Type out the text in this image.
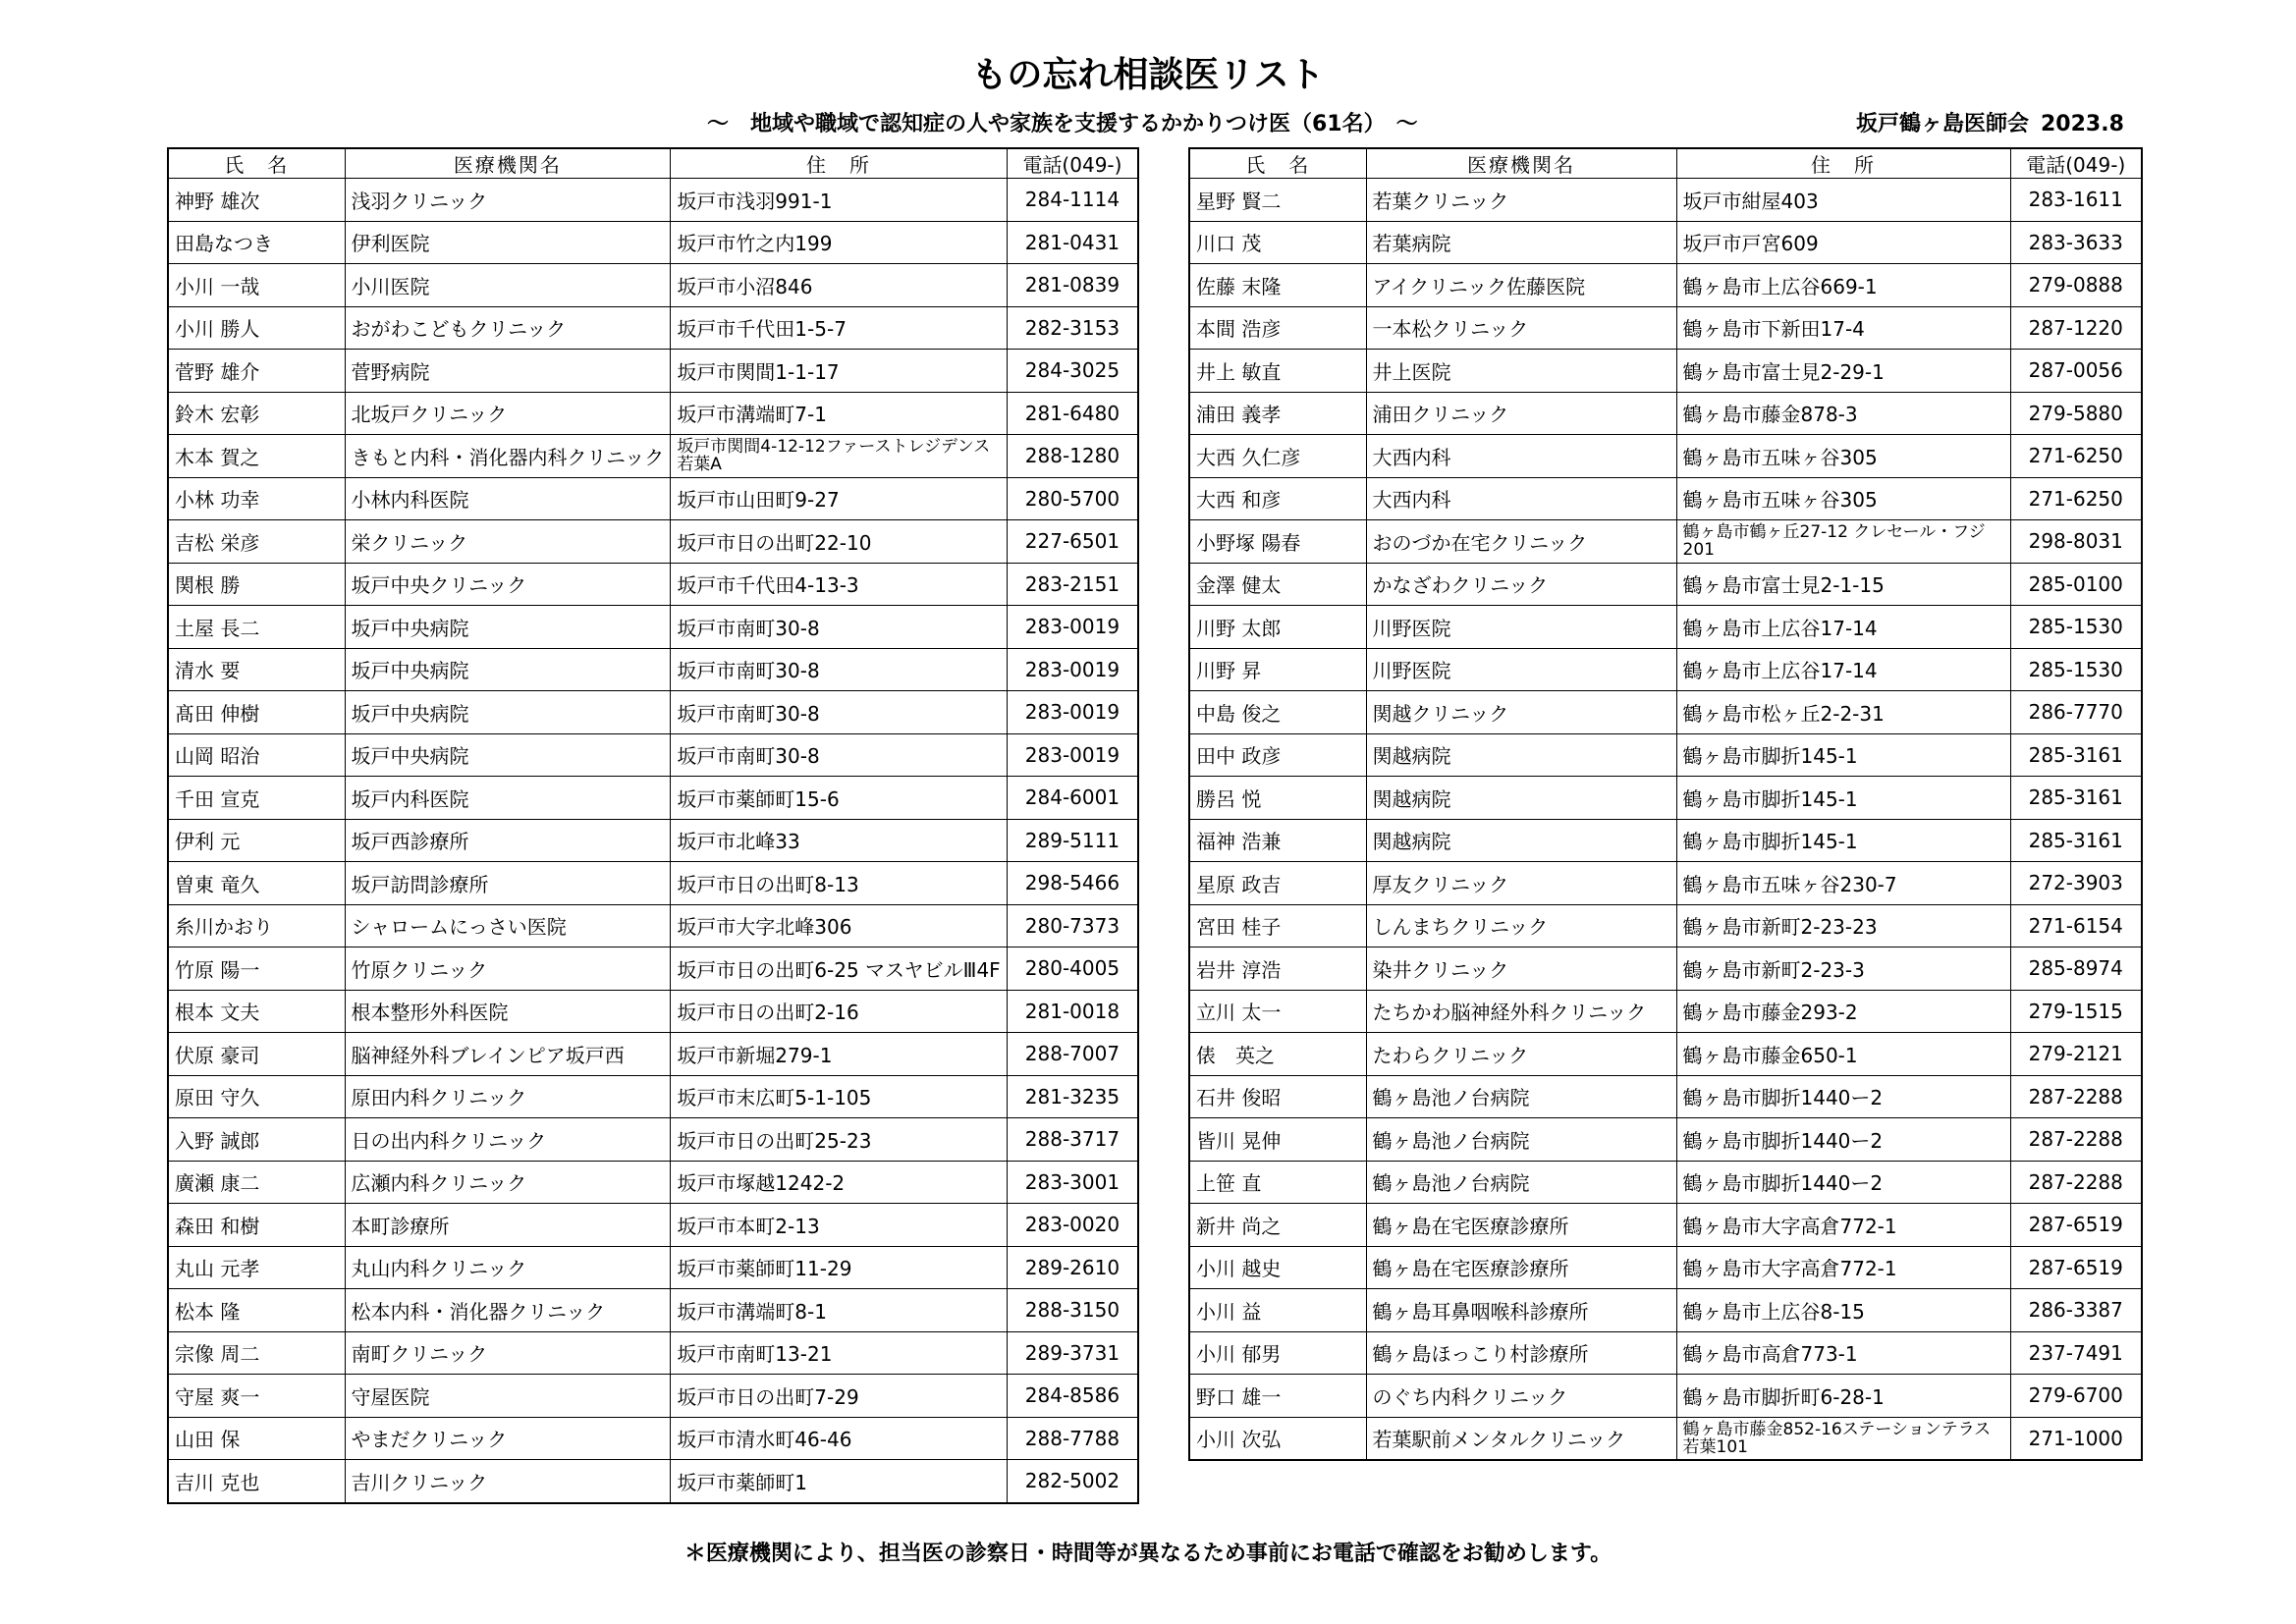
もの忘れ相談医リスト
～　地域や職域で認知症の人や家族を支援するかかりつけ医（61名）　～	坂戸鶴ヶ島医師会 2023.8
氏　名	医療機関名	住　所	電話(049-)
神野 雄次	浅羽クリニック	坂戸市浅羽991-1	284-1114
田島なつき	伊利医院	坂戸市竹之内199	281-0431
小川 一哉	小川医院	坂戸市小沼846	281-0839
小川 勝人	おがわこどもクリニック	坂戸市千代田1-5-7	282-3153
菅野 雄介	菅野病院	坂戸市関間1-1-17	284-3025
鈴木 宏彰	北坂戸クリニック	坂戸市溝端町7-1	281-6480
木本 賀之	きもと内科・消化器内科クリニック	坂戸市関間4-12-12ファーストレジデンス若葉A	288-1280
小林 功幸	小林内科医院	坂戸市山田町9-27	280-5700
吉松 栄彦	栄クリニック	坂戸市日の出町22-10	227-6501
関根 勝	坂戸中央クリニック	坂戸市千代田4-13-3	283-2151
土屋 長二	坂戸中央病院	坂戸市南町30-8	283-0019
清水 要	坂戸中央病院	坂戸市南町30-8	283-0019
髙田 伸樹	坂戸中央病院	坂戸市南町30-8	283-0019
山岡 昭治	坂戸中央病院	坂戸市南町30-8	283-0019
千田 宣克	坂戸内科医院	坂戸市薬師町15-6	284-6001
伊利 元	坂戸西診療所	坂戸市北峰33	289-5111
曽東 竜久	坂戸訪問診療所	坂戸市日の出町8-13	298-5466
糸川かおり	シャロームにっさい医院	坂戸市大字北峰306	280-7373
竹原 陽一	竹原クリニック	坂戸市日の出町6-25 マスヤビルⅢ4F	280-4005
根本 文夫	根本整形外科医院	坂戸市日の出町2-16	281-0018
伏原 豪司	脳神経外科ブレインピア坂戸西	坂戸市新堀279-1	288-7007
原田 守久	原田内科クリニック	坂戸市末広町5-1-105	281-3235
入野 誠郎	日の出内科クリニック	坂戸市日の出町25-23	288-3717
廣瀬 康二	広瀬内科クリニック	坂戸市塚越1242-2	283-3001
森田 和樹	本町診療所	坂戸市本町2-13	283-0020
丸山 元孝	丸山内科クリニック	坂戸市薬師町11-29	289-2610
松本 隆	松本内科・消化器クリニック	坂戸市溝端町8-1	288-3150
宗像 周二	南町クリニック	坂戸市南町13-21	289-3731
守屋 爽一	守屋医院	坂戸市日の出町7-29	284-8586
山田 保	やまだクリニック	坂戸市清水町46-46	288-7788
吉川 克也	吉川クリニック	坂戸市薬師町1	282-5002
氏　名	医療機関名	住　所	電話(049-)
星野 賢二	若葉クリニック	坂戸市紺屋403	283-1611
川口 茂	若葉病院	坂戸市戸宮609	283-3633
佐藤 末隆	アイクリニック佐藤医院	鶴ヶ島市上広谷669-1	279-0888
本間 浩彦	一本松クリニック	鶴ヶ島市下新田17-4	287-1220
井上 敏直	井上医院	鶴ヶ島市富士見2-29-1	287-0056
浦田 義孝	浦田クリニック	鶴ヶ島市藤金878-3	279-5880
大西 久仁彦	大西内科	鶴ヶ島市五味ヶ谷305	271-6250
大西 和彦	大西内科	鶴ヶ島市五味ヶ谷305	271-6250
小野塚 陽春	おのづか在宅クリニック	鶴ヶ島市鶴ヶ丘27-12 クレセール・フジ201	298-8031
金澤 健太	かなざわクリニック	鶴ヶ島市富士見2-1-15	285-0100
川野 太郎	川野医院	鶴ヶ島市上広谷17-14	285-1530
川野 昇	川野医院	鶴ヶ島市上広谷17-14	285-1530
中島 俊之	関越クリニック	鶴ヶ島市松ヶ丘2-2-31	286-7770
田中 政彦	関越病院	鶴ヶ島市脚折145-1	285-3161
勝呂 悦	関越病院	鶴ヶ島市脚折145-1	285-3161
福神 浩兼	関越病院	鶴ヶ島市脚折145-1	285-3161
星原 政吉	厚友クリニック	鶴ヶ島市五味ヶ谷230-7	272-3903
宮田 桂子	しんまちクリニック	鶴ヶ島市新町2-23-23	271-6154
岩井 淳浩	染井クリニック	鶴ヶ島市新町2-23-3	285-8974
立川 太一	たちかわ脳神経外科クリニック	鶴ヶ島市藤金293-2	279-1515
俵　英之	たわらクリニック	鶴ヶ島市藤金650-1	279-2121
石井 俊昭	鶴ヶ島池ノ台病院	鶴ヶ島市脚折1440ー2	287-2288
皆川 晃伸	鶴ヶ島池ノ台病院	鶴ヶ島市脚折1440ー2	287-2288
上笹 直	鶴ヶ島池ノ台病院	鶴ヶ島市脚折1440ー2	287-2288
新井 尚之	鶴ヶ島在宅医療診療所	鶴ヶ島市大字高倉772-1	287-6519
小川 越史	鶴ヶ島在宅医療診療所	鶴ヶ島市大字高倉772-1	287-6519
小川 益	鶴ヶ島耳鼻咽喉科診療所	鶴ヶ島市上広谷8-15	286-3387
小川 郁男	鶴ヶ島ほっこり村診療所	鶴ヶ島市高倉773-1	237-7491
野口 雄一	のぐち内科クリニック	鶴ヶ島市脚折町6-28-1	279-6700
小川 次弘	若葉駅前メンタルクリニック	鶴ヶ島市藤金852-16ステーションテラス若葉101	271-1000
＊医療機関により、担当医の診察日・時間等が異なるため事前にお電話で確認をお勧めします。
